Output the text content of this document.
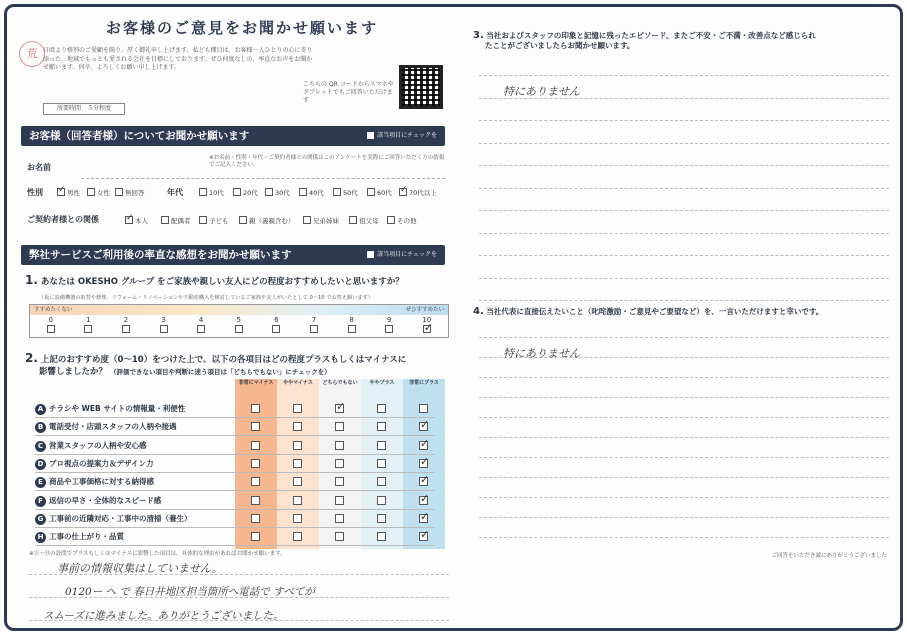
お客様のご意見をお聞かせ願います
荒 日頃より格別のご愛顧を賜り、厚く御礼申し上げます。私ども種目は、お客様一人ひとりの心に寄り添った、地域でもっとも愛される会社を目標にしております。ぜひ何度なしの、率直なお声をお聞かせ願います。何卒、よろしくお願い申し上げます。
所要時間　５分程度
こちらの QR コードからスマホやタブレットでもご回答いただけます
お客様（回答者様）についてお聞かせ願います	該当項目にチェックを
お名前
※お名前・性別・年代・ご契約者様との関係はこのアンケートを実際にご回答いただく方の情報でご記入ください。
性別	年代
ご契約者様との関係
弊社サービスご利用後の率直な感想をお聞かせ願います	該当項目にチェックを
1. あなたは OKESHO グループ をご家族や親しい友人にどの程度おすすめしたいと思いますか？
（仮に設備機器の取替や修理、リフォーム・リノベーションや不動産購入を検討しているご家族や友人がいたとして 0〜10 でお答え願います）
すすめたくない	ぜひすすめたい
0	1	2	3	4	5	6	7	8	9	10
✓
2. 上記のおすすめ度（0〜10）をつけた上で、以下の各項目はどの程度プラスもしくはマイナスに
影響しましたか？ （評価できない項目や判断に迷う項目は「どちらでもない」にチェックを）
非常にマイナス	ややマイナス	どちらでもない	ややプラス	非常にプラス
A チラシや WEB サイトの情報量・利便性
✓
B 電話受付・店頭スタッフの人柄や接遇
✓
C 営業スタッフの人柄や安心感
✓
D プロ視点の提案力＆デザイン力
✓
E 商品や工事価格に対する納得感
✓
F 返信の早さ・全体的なスピード感
✓
G 工事前の近隣対応・工事中の清掃（養生）
✓
H 工事の仕上がり・品質
✓
※Ⓐ〜Ⓗの設問でプラスもしくはマイナスに影響した項目は、具体的な理由があればお聞かせ願います。
事前の情報収集はしていません。
0120ー へ で 春日井地区担当箇所へ電話で すべてが
スムーズに進みました。ありがとうございました。
✓男性	女性	無回答	10代	20代	30代	40代	50代	60代
✓	70代以上
✓本人	配偶者	子ども	親（義親含む）	兄弟姉妹	祖父母	その他
3. 当社およびスタッフの印象と記憶に残ったエピソード、またご不安・ご不満・改善点など感じられ
たことがございましたらお聞かせ願います。
特にありません
4. 当社代表に直接伝えたいこと（叱咤激励・ご意見やご要望など）を、一言いただけますと幸いです。
特にありません
ご回答をいただき誠にありがとうございました
